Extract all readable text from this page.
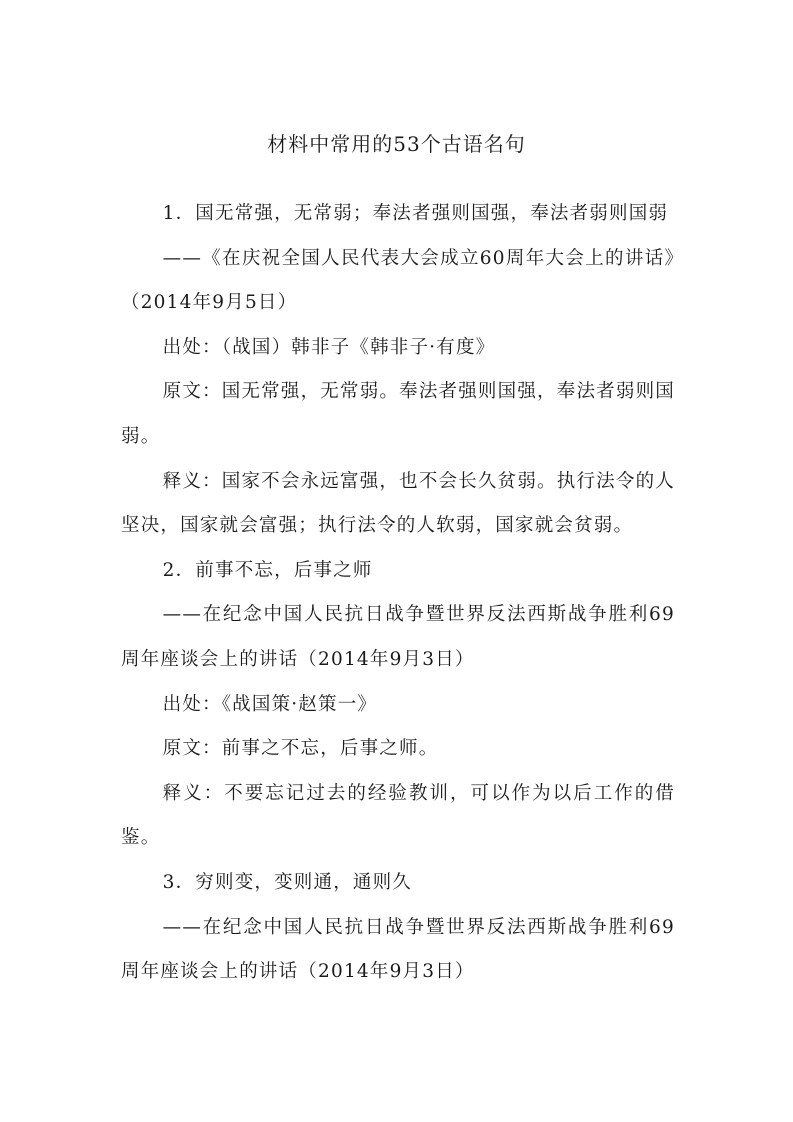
材料中常用的53个古语名句

1．国无常强，无常弱；奉法者强则国强，奉法者弱则国弱

——《在庆祝全国人民代表大会成立60周年大会上的讲话》（2014年9月5日）

出处：（战国）韩非子《韩非子·有度》

原文：国无常强，无常弱。奉法者强则国强，奉法者弱则国弱。

释义：国家不会永远富强，也不会长久贫弱。执行法令的人坚决，国家就会富强；执行法令的人软弱，国家就会贫弱。

2．前事不忘，后事之师

——在纪念中国人民抗日战争暨世界反法西斯战争胜利69周年座谈会上的讲话（2014年9月3日）

出处：《战国策·赵策一》

原文：前事之不忘，后事之师。

释义：不要忘记过去的经验教训，可以作为以后工作的借鉴。

3．穷则变，变则通，通则久

——在纪念中国人民抗日战争暨世界反法西斯战争胜利69周年座谈会上的讲话（2014年9月3日）
